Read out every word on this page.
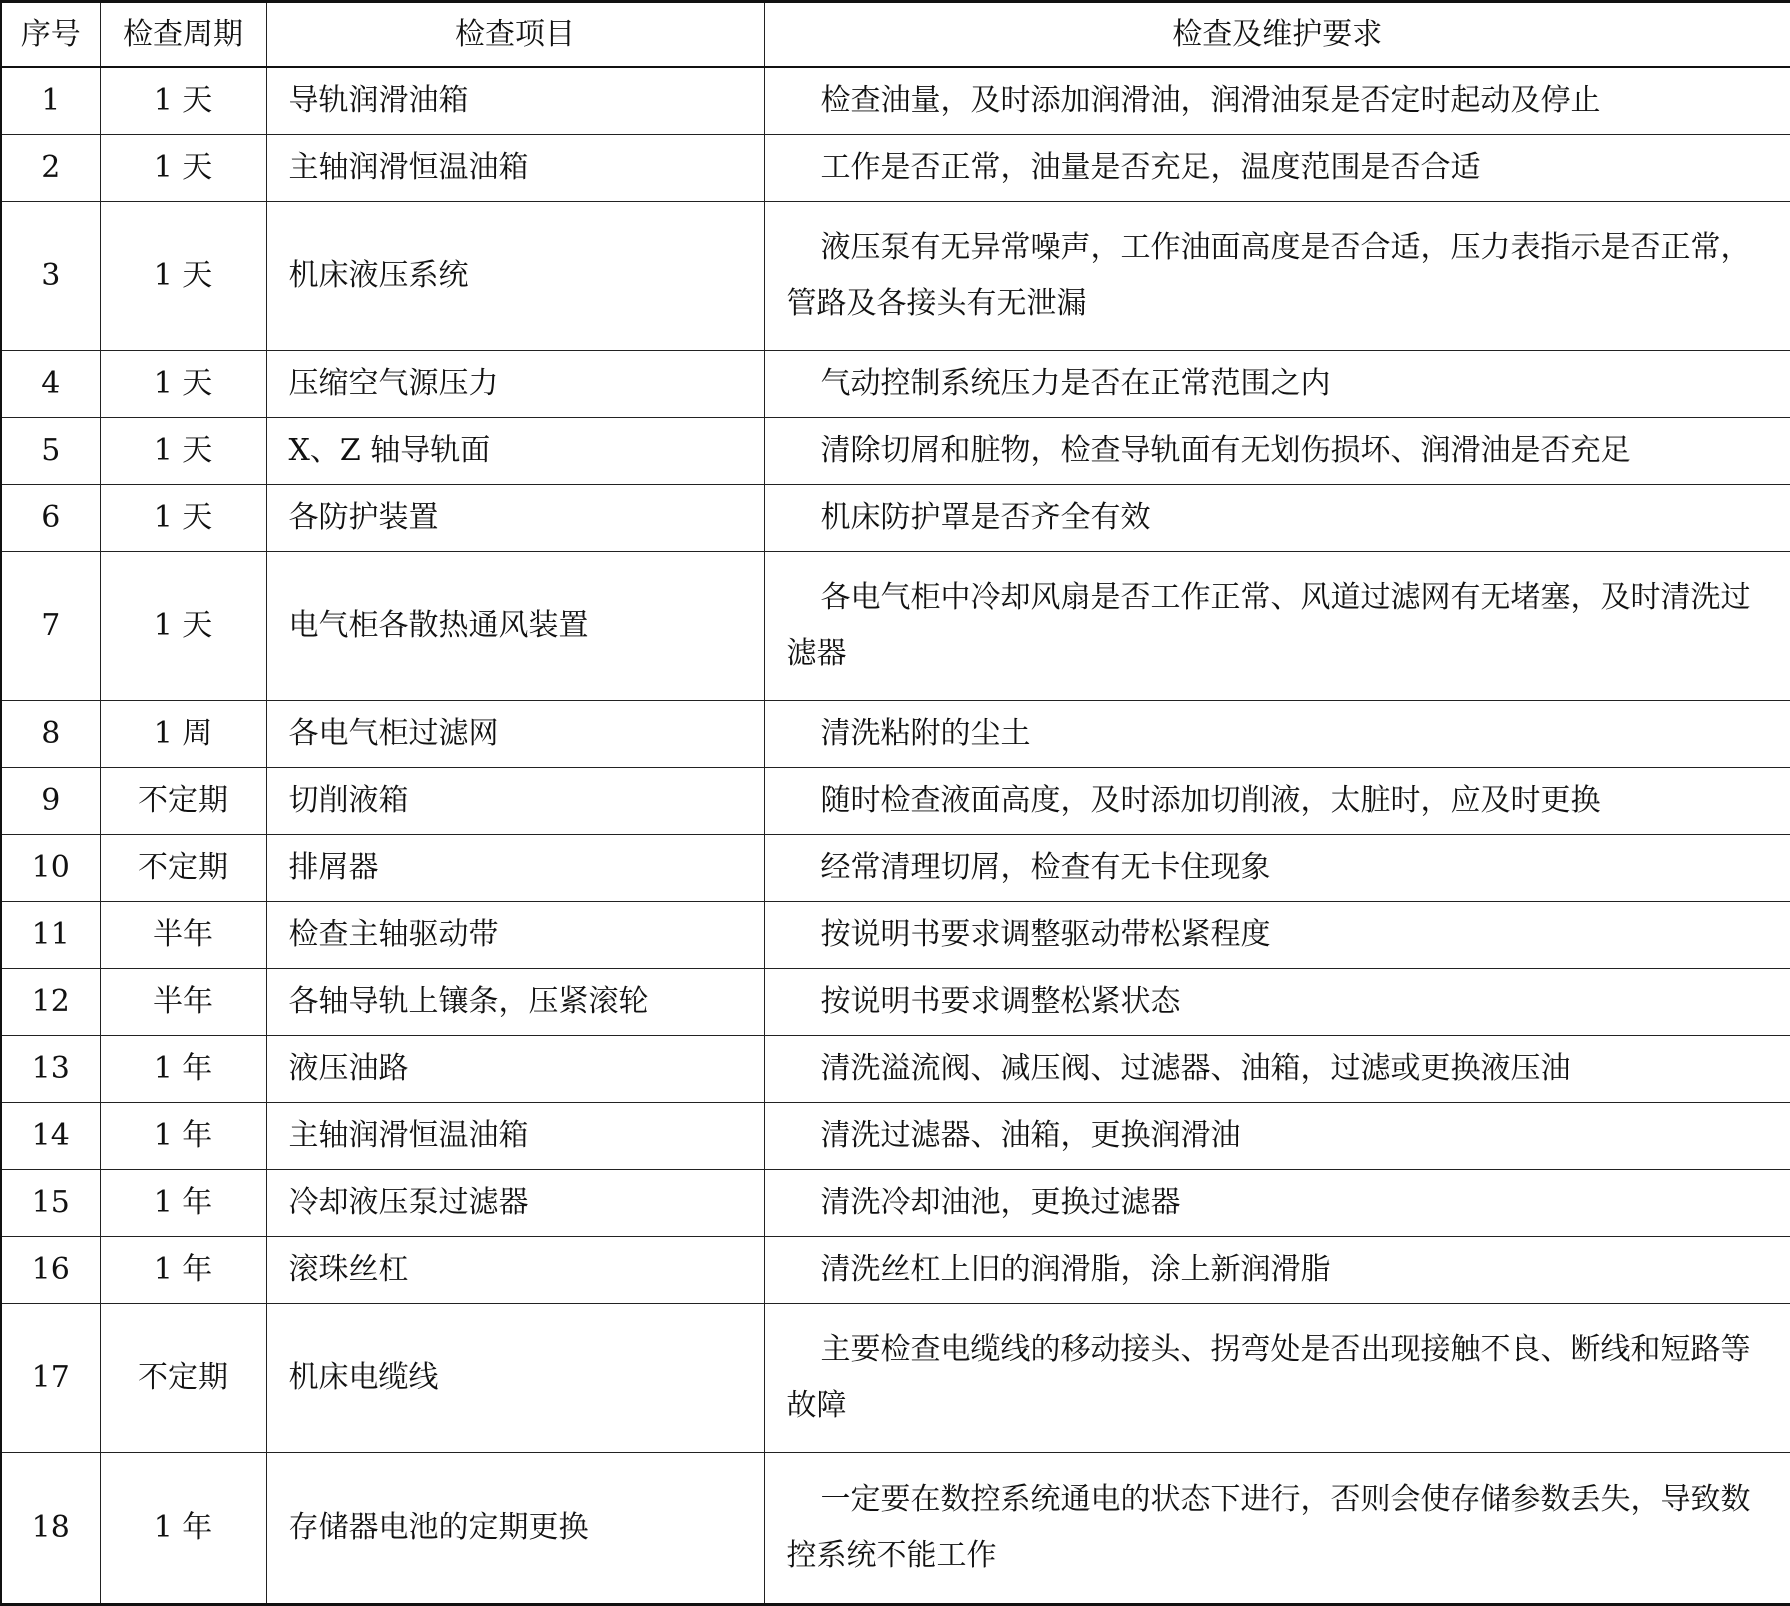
序号	检查周期	检查项目	检查及维护要求
1	1 天	导轨润滑油箱	检查油量，及时添加润滑油，润滑油泵是否定时起动及停止

2	1 天	主轴润滑恒温油箱	工作是否正常，油量是否充足，温度范围是否合适

3	1 天	机床液压系统	液压泵有无异常噪声，工作油面高度是否合适，压力表指示是否正常，管路及各接头有无泄漏

4	1 天	压缩空气源压力	气动控制系统压力是否在正常范围之内

5	1 天	X、Z 轴导轨面	清除切屑和脏物，检查导轨面有无划伤损坏、润滑油是否充足

6	1 天	各防护装置	机床防护罩是否齐全有效

7	1 天	电气柜各散热通风装置	各电气柜中冷却风扇是否工作正常、风道过滤网有无堵塞，及时清洗过滤器

8	1 周	各电气柜过滤网	清洗粘附的尘土

9	不定期	切削液箱	随时检查液面高度，及时添加切削液，太脏时，应及时更换

10	不定期	排屑器	经常清理切屑，检查有无卡住现象

11	半年	检查主轴驱动带	按说明书要求调整驱动带松紧程度

12	半年	各轴导轨上镶条，压紧滚轮	按说明书要求调整松紧状态

13	1 年	液压油路	清洗溢流阀、减压阀、过滤器、油箱，过滤或更换液压油

14	1 年	主轴润滑恒温油箱	清洗过滤器、油箱，更换润滑油

15	1 年	冷却液压泵过滤器	清洗冷却油池，更换过滤器

16	1 年	滚珠丝杠	清洗丝杠上旧的润滑脂，涂上新润滑脂

17	不定期	机床电缆线	主要检查电缆线的移动接头、拐弯处是否出现接触不良、断线和短路等故障

18	1 年	存储器电池的定期更换	一定要在数控系统通电的状态下进行，否则会使存储参数丢失，导致数控系统不能工作
